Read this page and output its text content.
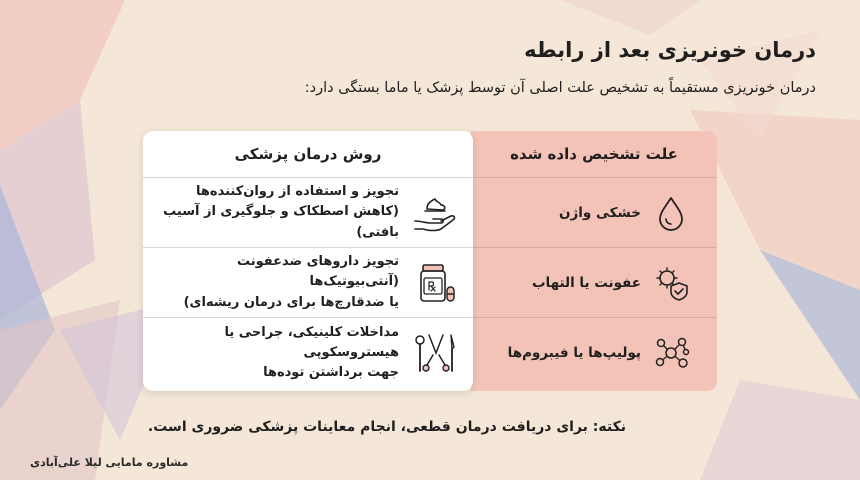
درمان خونریزی بعد از رابطه

درمان خونریزی مستقیماً به تشخیص علت اصلی آن توسط پزشک یا ماما بستگی دارد:

علت تشخیص داده شده
خشکی واژن
عفونت یا التهاب
پولیپ‌ها یا فیبروم‌ها
روش درمان پزشکی
تجویز و استفاده از روان‌کننده‌ها
(کاهش اصطکاک و جلوگیری از آسیب بافتی)
تجویز داروهای ضدعفونت (آنتی‌بیوتیک‌ها
یا ضدقارچ‌ها برای درمان ریشه‌ای)
مداخلات کلینیکی، جراحی یا هیستروسکوپی
جهت برداشتن توده‌ها

نکته: برای دریافت درمان قطعی، انجام معاینات پزشکی ضروری است.

مشاوره مامایی لیلا علی‌آبادی
